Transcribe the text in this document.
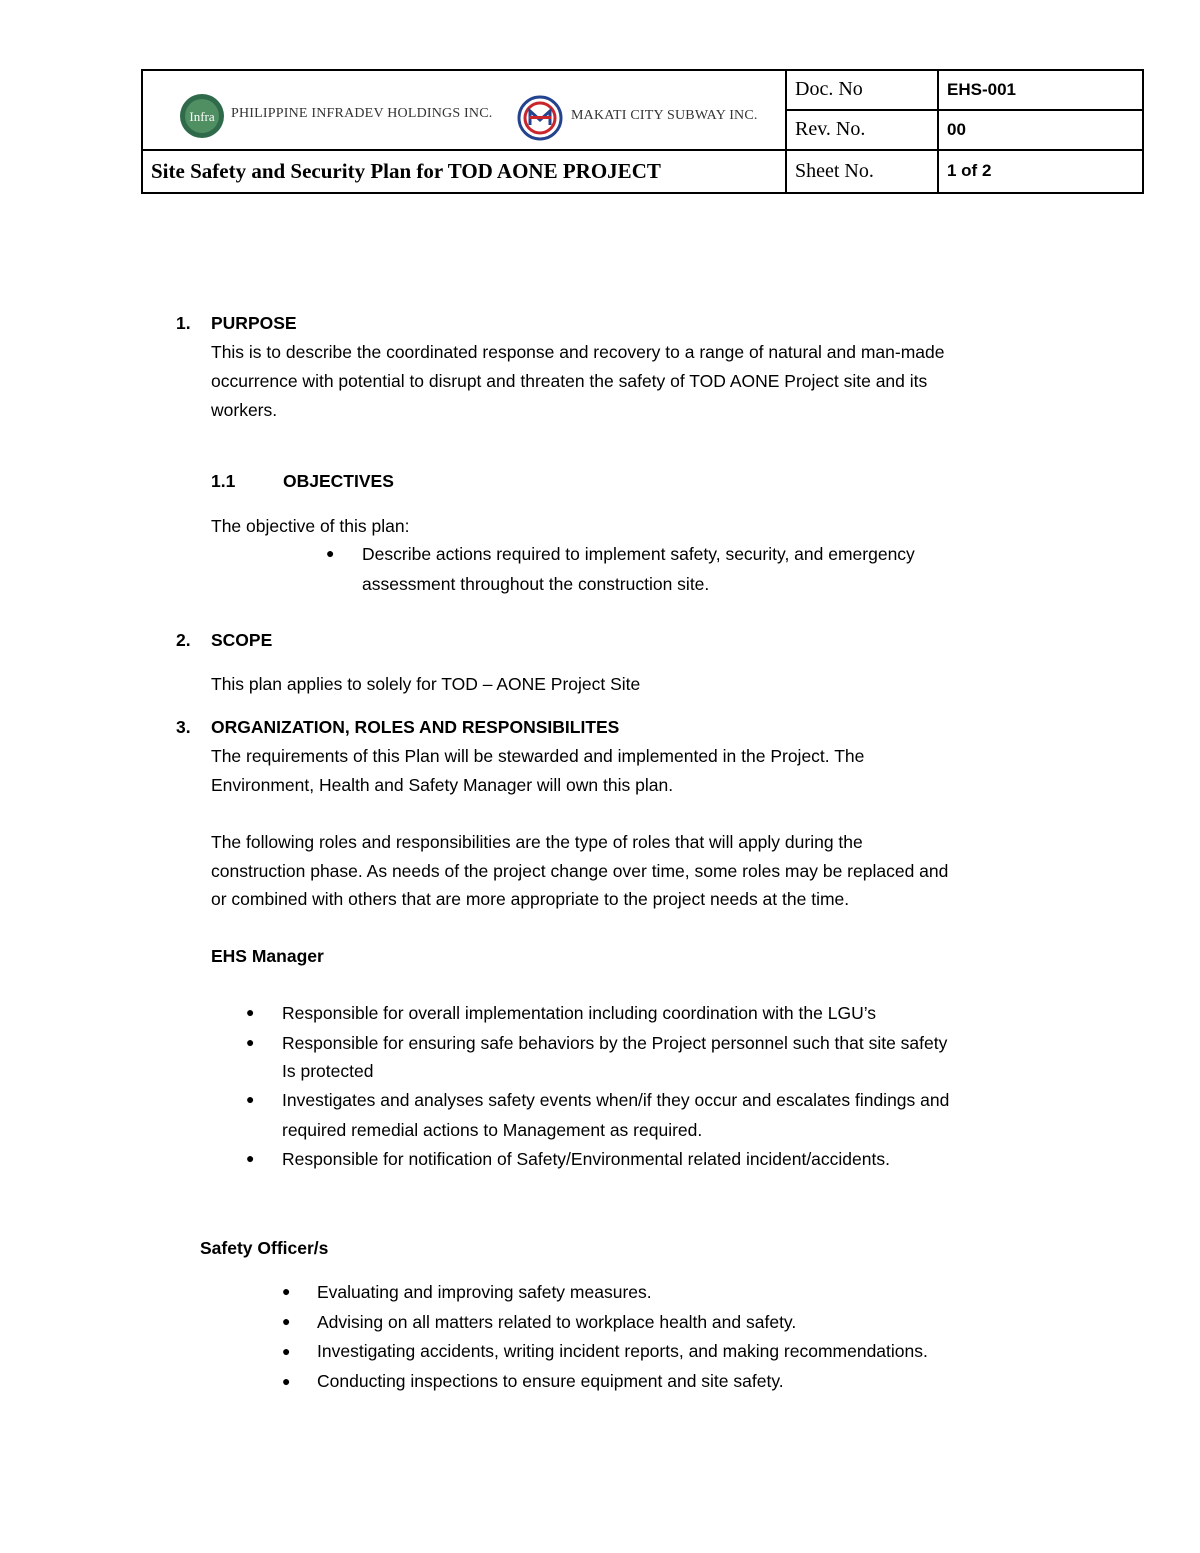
Infra PHILIPPINE INFRADEV HOLDINGS INC. MAKATI CITY SUBWAY INC.	Doc. No	EHS-001
	Rev. No.	00
Site Safety and Security Plan for TOD AONE PROJECT	Sheet No.	1 of 2
1. PURPOSE
This is to describe the coordinated response and recovery to a range of natural and man-made
occurrence with potential to disrupt and threaten the safety of TOD AONE Project site and its
workers.
1.1	OBJECTIVES
The objective of this plan:
● Describe actions required to implement safety, security, and emergency
assessment throughout the construction site.
2. SCOPE
This plan applies to solely for TOD – AONE Project Site
3. ORGANIZATION, ROLES AND RESPONSIBILITES
The requirements of this Plan will be stewarded and implemented in the Project. The
Environment, Health and Safety Manager will own this plan.
The following roles and responsibilities are the type of roles that will apply during the
construction phase. As needs of the project change over time, some roles may be replaced and
or combined with others that are more appropriate to the project needs at the time.
EHS Manager
● Responsible for overall implementation including coordination with the LGU’s
● Responsible for ensuring safe behaviors by the Project personnel such that site safety
Is protected
● Investigates and analyses safety events when/if they occur and escalates findings and
required remedial actions to Management as required.
● Responsible for notification of Safety/Environmental related incident/accidents.
Safety Officer/s
● Evaluating and improving safety measures.
● Advising on all matters related to workplace health and safety.
● Investigating accidents, writing incident reports, and making recommendations.
● Conducting inspections to ensure equipment and site safety.
